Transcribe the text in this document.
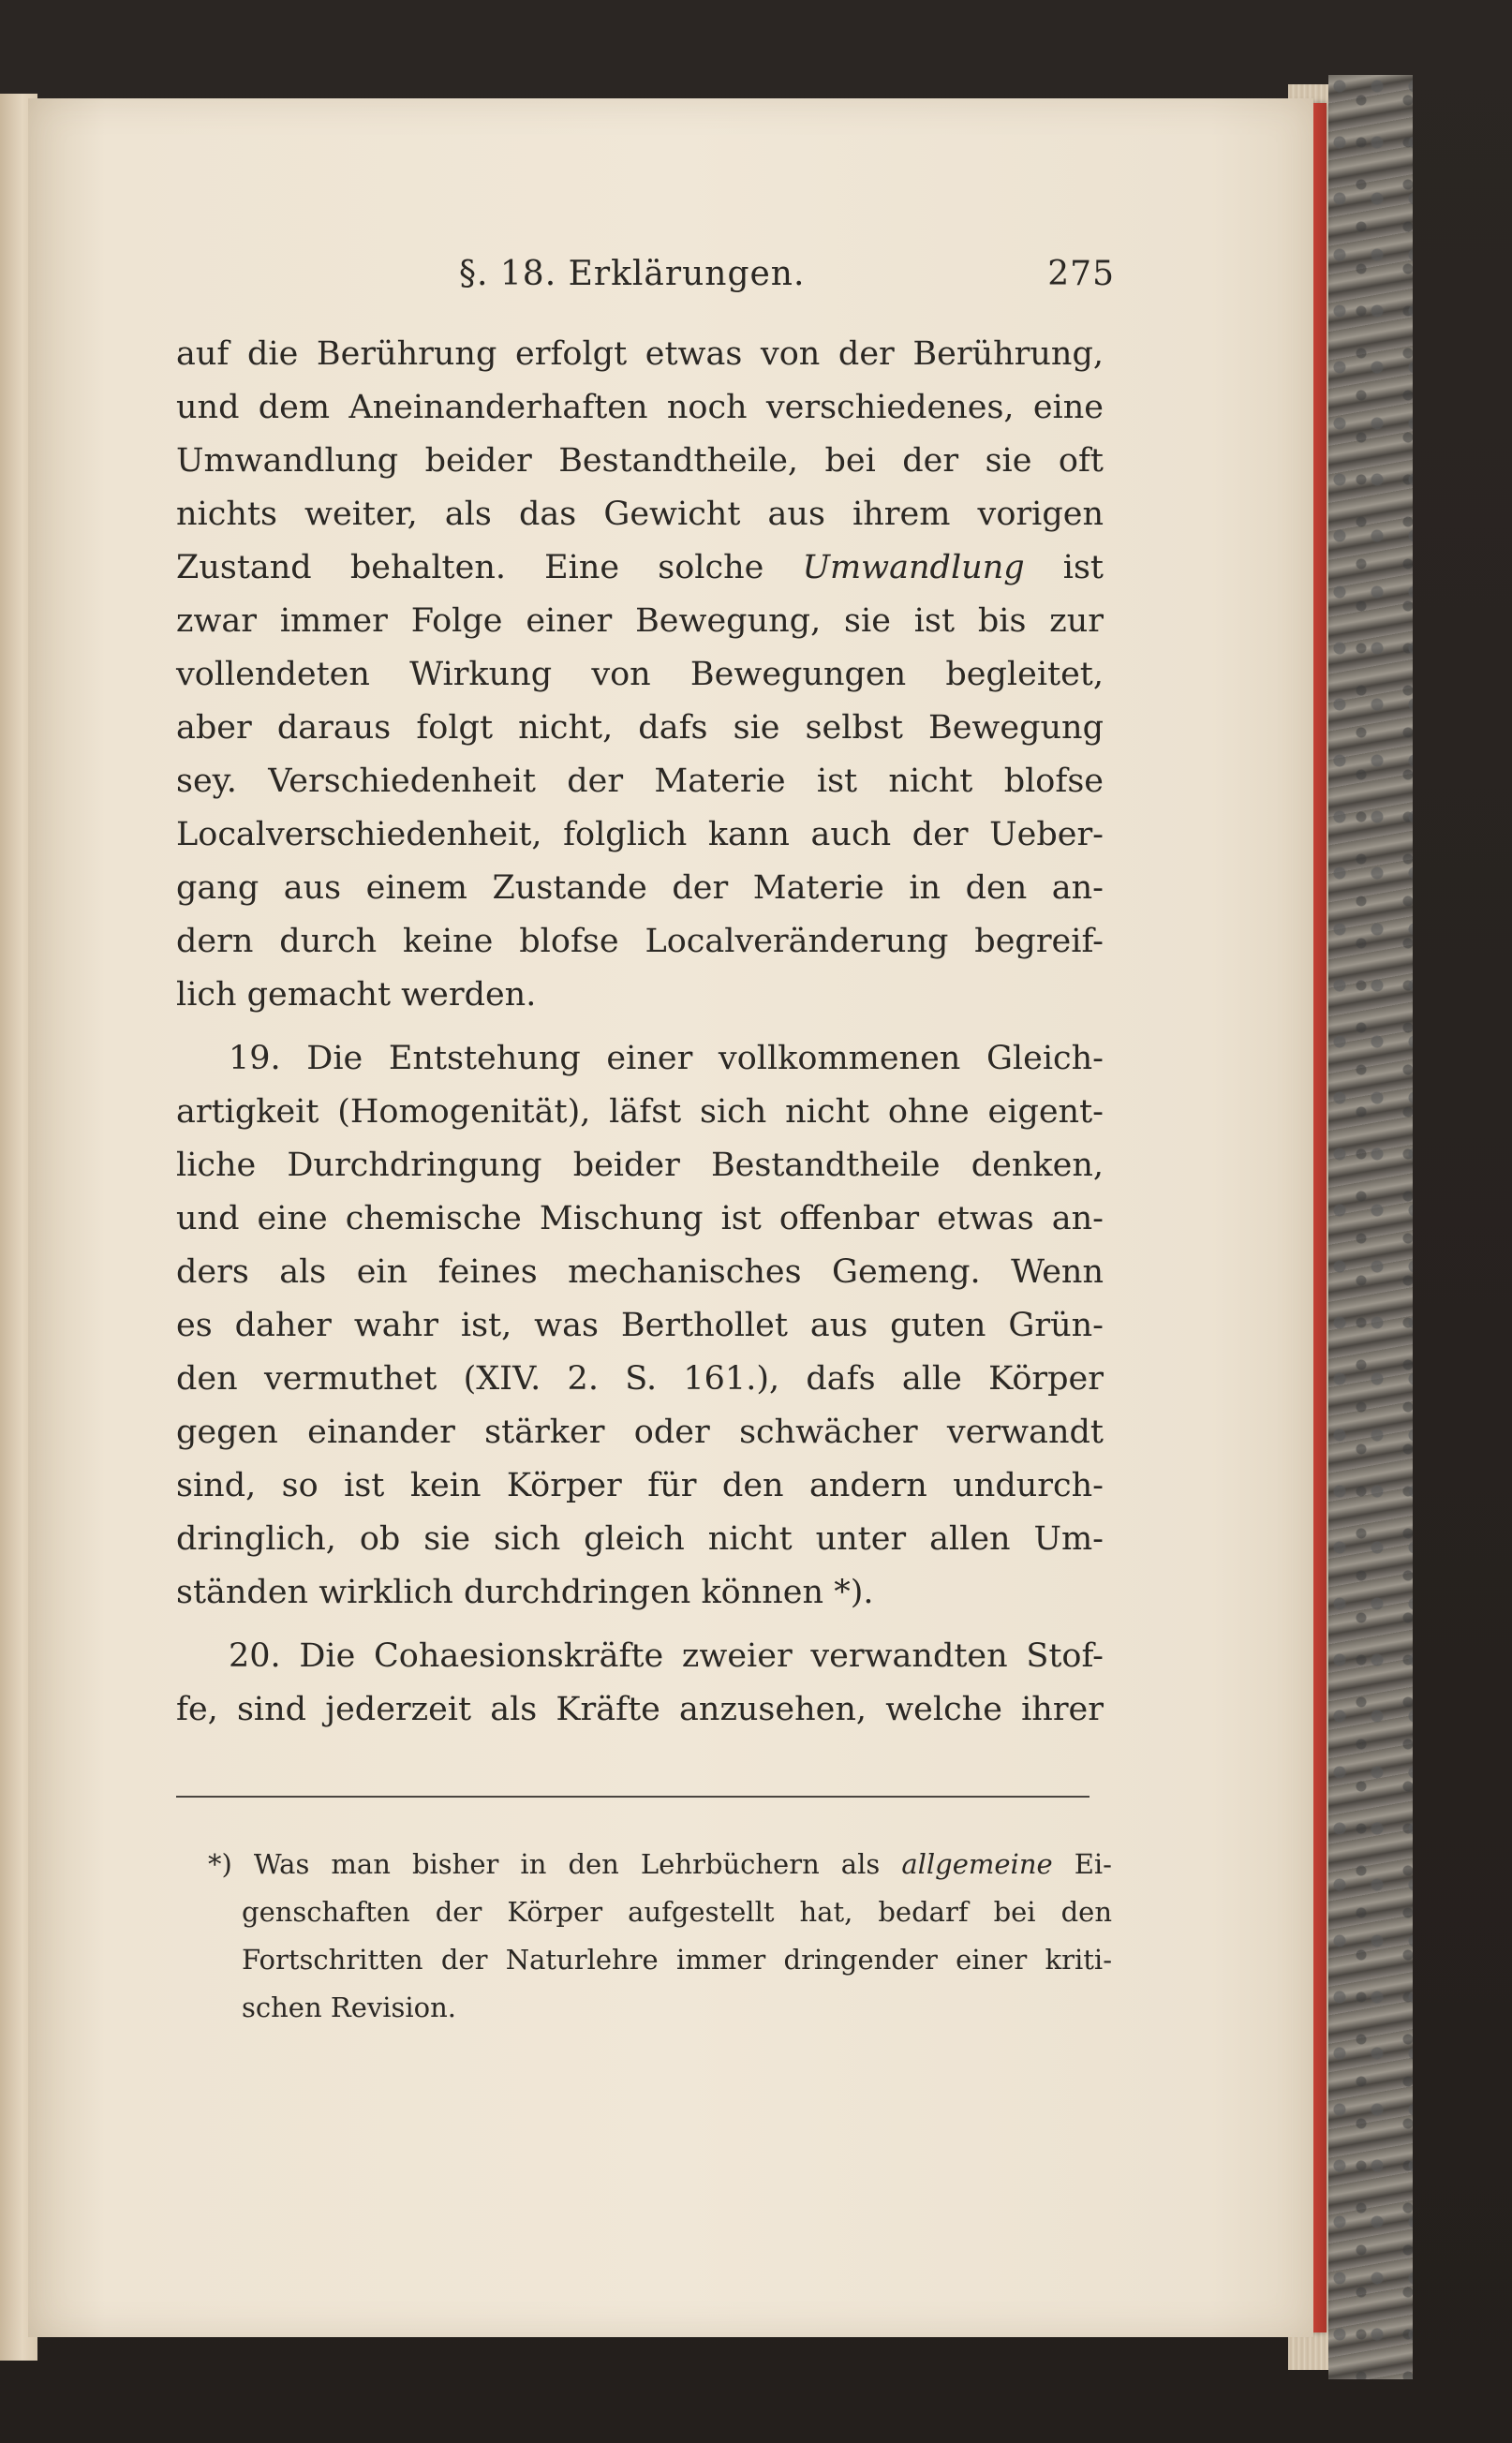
§. 18. Erklärungen.	275
auf die Berührung erfolgt etwas von der Berührung,
und dem Aneinanderhaften noch verschiedenes, eine
Umwandlung beider Bestandtheile, bei der sie oft
nichts weiter, als das Gewicht aus ihrem vorigen
Zustand behalten. Eine solche Umwandlung ist
zwar immer Folge einer Bewegung, sie ist bis zur
vollendeten Wirkung von Bewegungen begleitet,
aber daraus folgt nicht, dafs sie selbst Bewegung
sey. Verschiedenheit der Materie ist nicht blofse
Localverschiedenheit, folglich kann auch der Ueber-
gang aus einem Zustande der Materie in den an-
dern durch keine blofse Localveränderung begreif-
lich gemacht werden.
19. Die Entstehung einer vollkommenen Gleich-
artigkeit (Homogenität), läfst sich nicht ohne eigent-
liche Durchdringung beider Bestandtheile denken,
und eine chemische Mischung ist offenbar etwas an-
ders als ein feines mechanisches Gemeng. Wenn
es daher wahr ist, was Berthollet aus guten Grün-
den vermuthet (XIV. 2. S. 161.), dafs alle Körper
gegen einander stärker oder schwächer verwandt
sind, so ist kein Körper für den andern undurch-
dringlich, ob sie sich gleich nicht unter allen Um-
ständen wirklich durchdringen können *).
20. Die Cohaesionskräfte zweier verwandten Stof-
fe, sind jederzeit als Kräfte anzusehen, welche ihrer
*) Was man bisher in den Lehrbüchern als allgemeine Ei-
genschaften der Körper aufgestellt hat, bedarf bei den
Fortschritten der Naturlehre immer dringender einer kriti-
schen Revision.
